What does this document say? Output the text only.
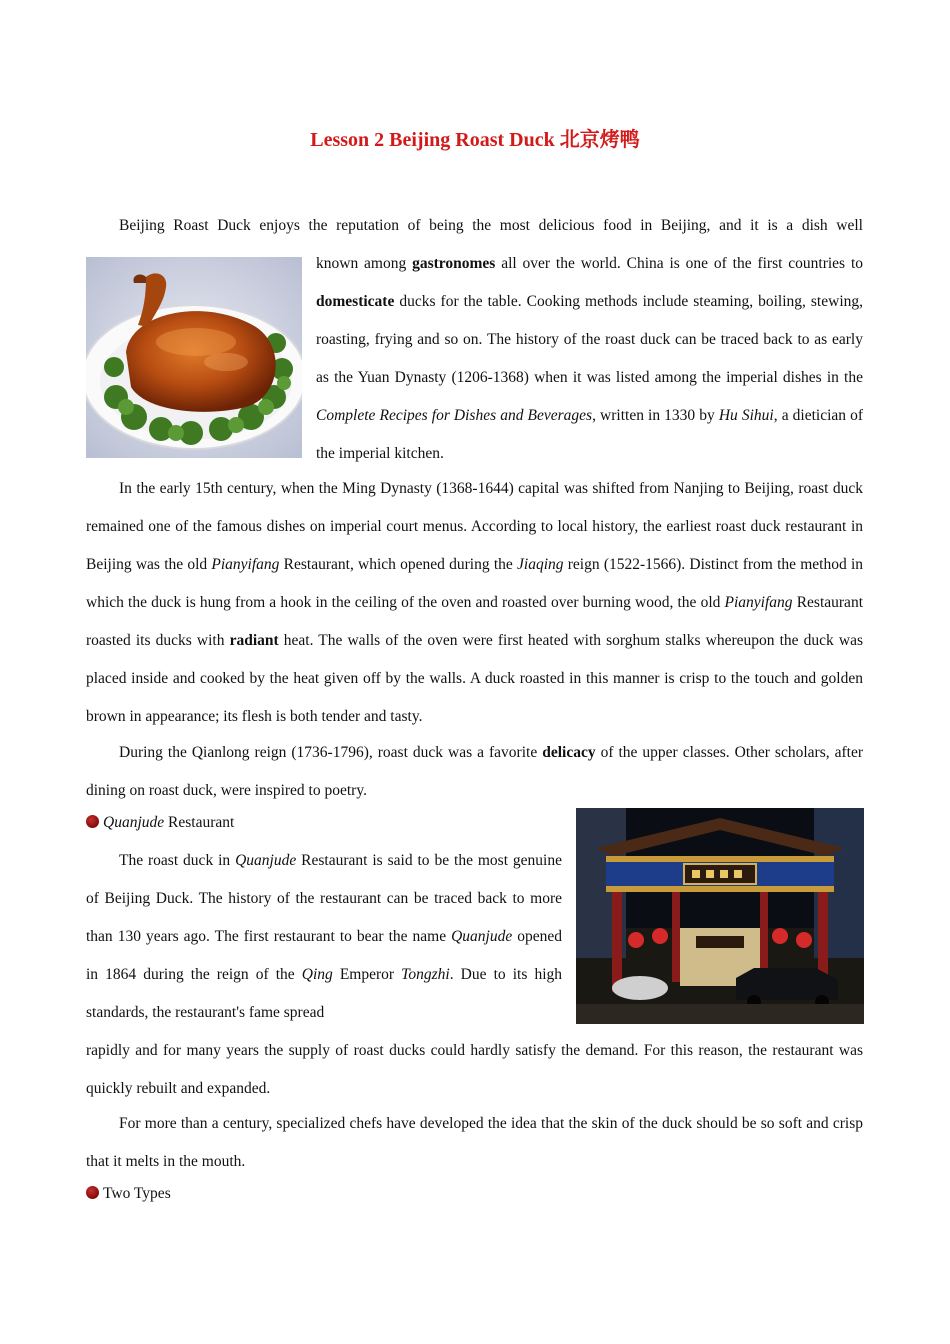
Lesson 2 Beijing Roast Duck 北京烤鸭
Beijing Roast Duck enjoys the reputation of being the most delicious food in Beijing, and it is a dish well
known among gastronomes all over the world. China is one of the first countries to domesticate ducks for the table. Cooking methods include steaming, boiling, stewing, roasting, frying and so on. The history of the roast duck can be traced back to as early as the Yuan Dynasty (1206-1368) when it was listed among the imperial dishes in the Complete Recipes for Dishes and Beverages, written in 1330 by Hu Sihui, a dietician of the imperial kitchen.
In the early 15th century, when the Ming Dynasty (1368-1644) capital was shifted from Nanjing to Beijing, roast duck remained one of the famous dishes on imperial court menus. According to local history, the earliest roast duck restaurant in Beijing was the old Pianyifang Restaurant, which opened during the Jiaqing reign (1522-1566). Distinct from the method in which the duck is hung from a hook in the ceiling of the oven and roasted over burning wood, the old Pianyifang Restaurant roasted its ducks with radiant heat. The walls of the oven were first heated with sorghum stalks whereupon the duck was placed inside and cooked by the heat given off by the walls. A duck roasted in this manner is crisp to the touch and golden brown in appearance; its flesh is both tender and tasty.
During the Qianlong reign (1736-1796), roast duck was a favorite delicacy of the upper classes. Other scholars, after dining on roast duck, were inspired to poetry.
Quanjude Restaurant
The roast duck in Quanjude Restaurant is said to be the most genuine of Beijing Duck. The history of the restaurant can be traced back to more than 130 years ago. The first restaurant to bear the name Quanjude opened in 1864 during the reign of the Qing Emperor Tongzhi. Due to its high standards, the restaurant's fame spread
rapidly and for many years the supply of roast ducks could hardly satisfy the demand. For this reason, the restaurant was quickly rebuilt and expanded.
For more than a century, specialized chefs have developed the idea that the skin of the duck should be so soft and crisp that it melts in the mouth.
Two Types
